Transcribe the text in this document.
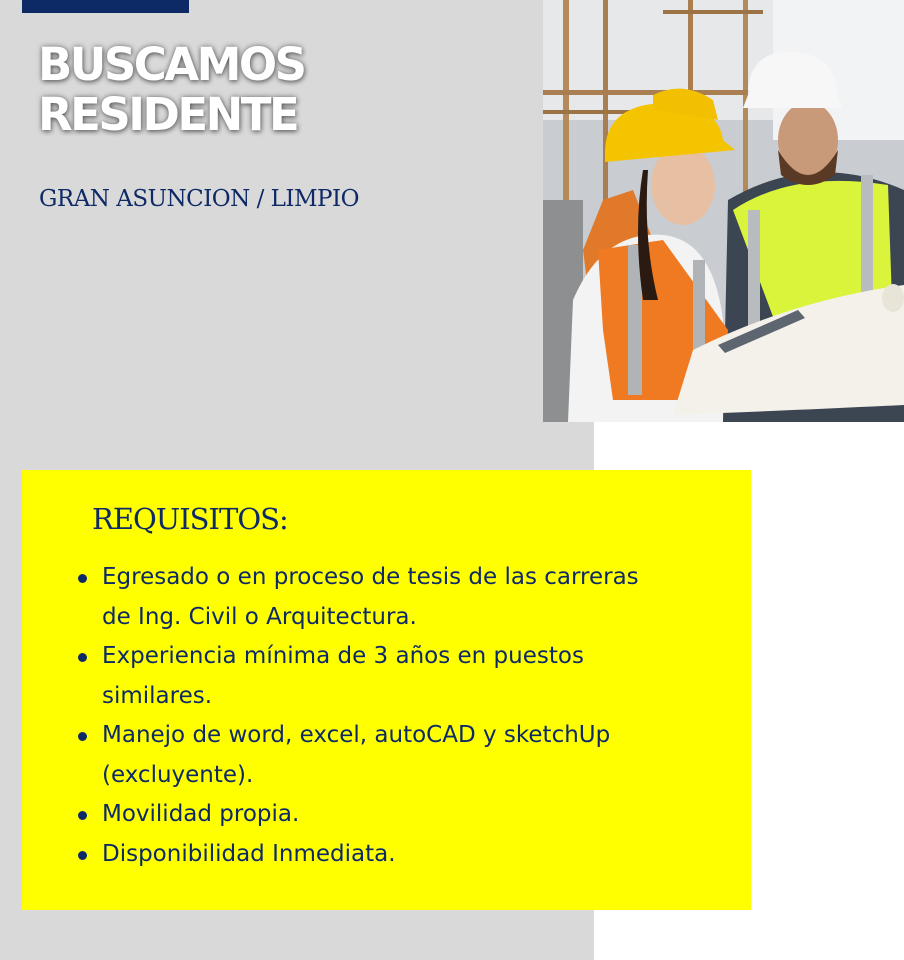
BUSCAMOS
RESIDENTE
GRAN ASUNCION / LIMPIO
REQUISITOS:
Egresado o en proceso de tesis de las carreras
de Ing. Civil o Arquitectura.
Experiencia mínima de 3 años en puestos
similares.
Manejo de word, excel, autoCAD y sketchUp
(excluyente).
Movilidad propia.
Disponibilidad Inmediata.
